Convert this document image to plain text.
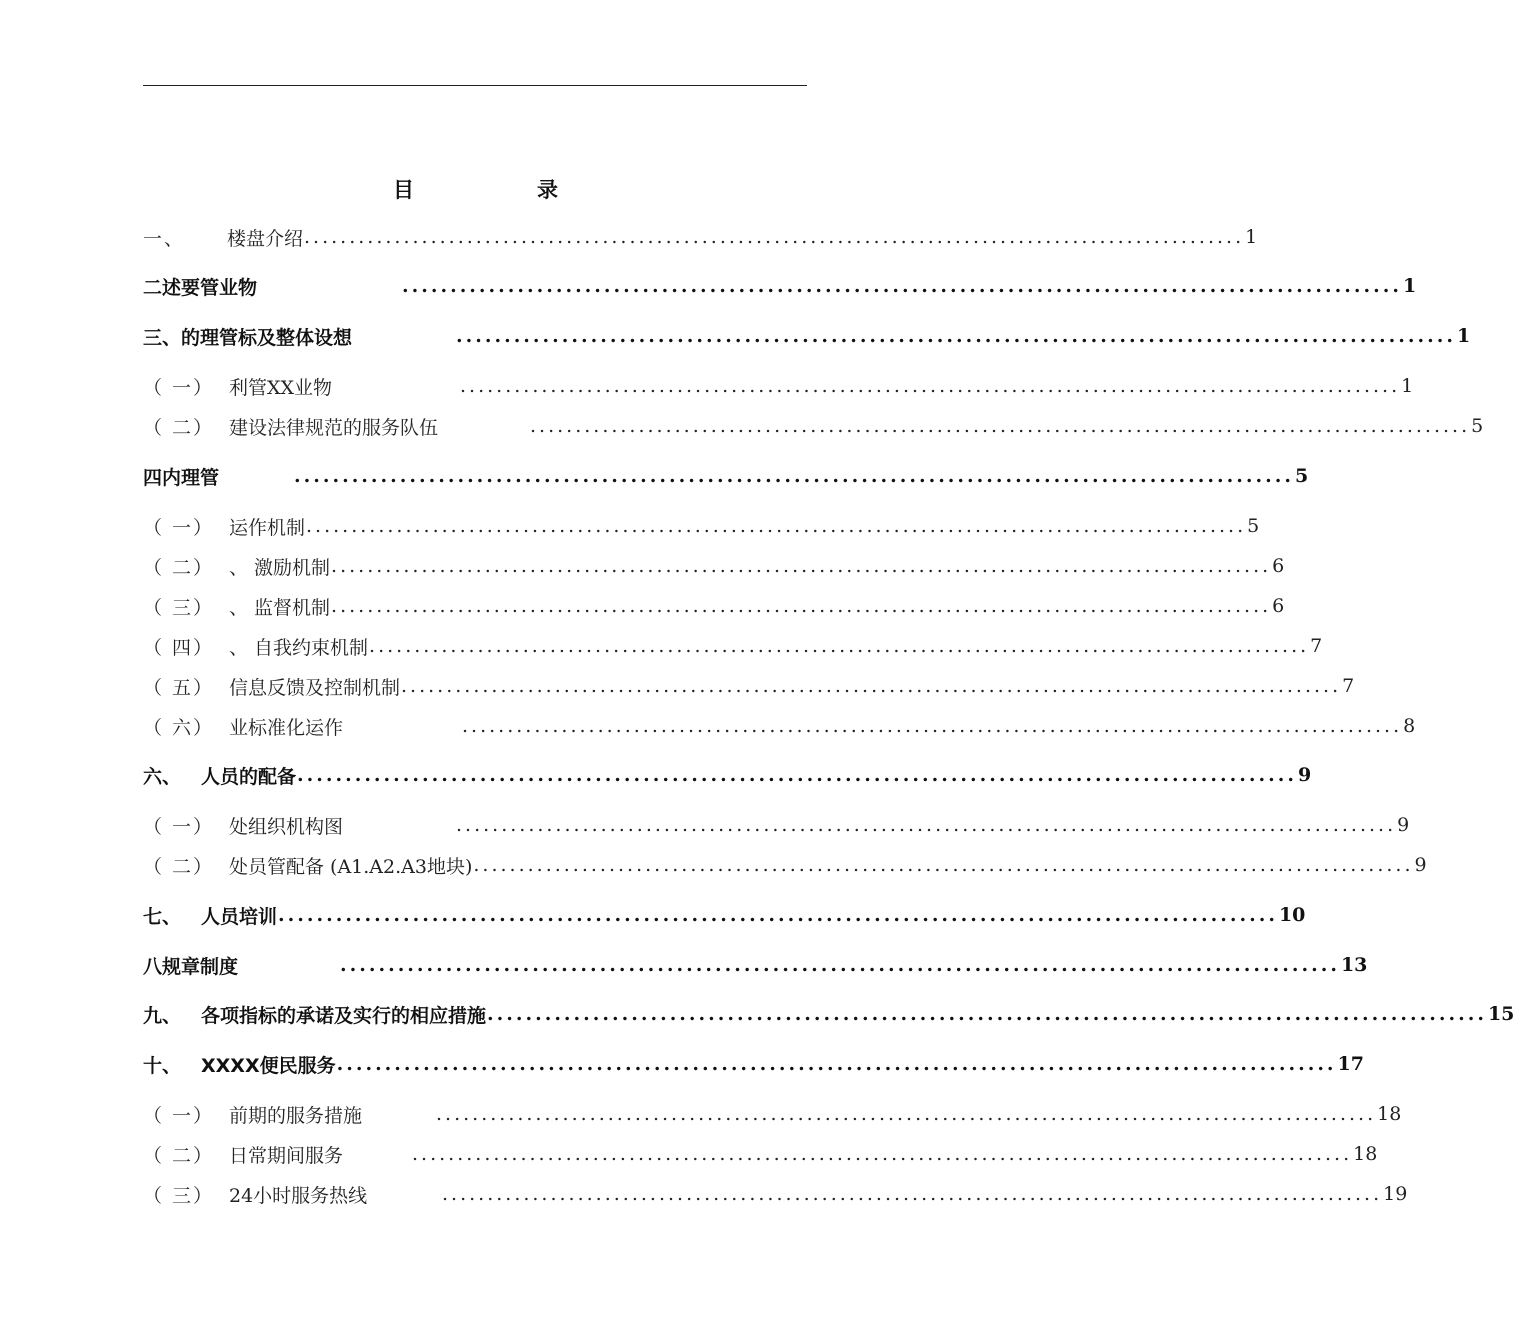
目	录
一、	楼盘介绍 ........................................................................................................ 1
二述要管业物	........................................................................................................ 1
三、的理管标及整体设想	........................................................................................................ 1
（ 一） 利管XX业物	........................................................................................................ 1
（ 二） 建设法律规范的服务队伍	........................................................................................................ 5
四内理管	........................................................................................................ 5
（ 一） 运作机制 ........................................................................................................ 5
（ 二） 、 激励机制 ........................................................................................................ 6
（ 三） 、 监督机制 ........................................................................................................ 6
（ 四） 、 自我约束机制 ........................................................................................................ 7
（ 五） 信息反馈及控制机制 ........................................................................................................ 7
（ 六） 业标准化运作	........................................................................................................ 8
六、	人员的配备 ........................................................................................................ 9
（ 一） 处组织机构图	........................................................................................................ 9
（ 二） 处员管配备 (A1.A2.A3地块) ........................................................................................................ 9
七、	人员培训 ........................................................................................................ 10
八规章制度	........................................................................................................ 13
九、	各项指标的承诺及实行的相应措施 ........................................................................................................ 15
十、	XXXX便民服务 ........................................................................................................ 17
（ 一） 前期的服务措施	........................................................................................................ 18
（ 二） 日常期间服务	........................................................................................................ 18
（ 三） 24小时服务热线	........................................................................................................ 19
